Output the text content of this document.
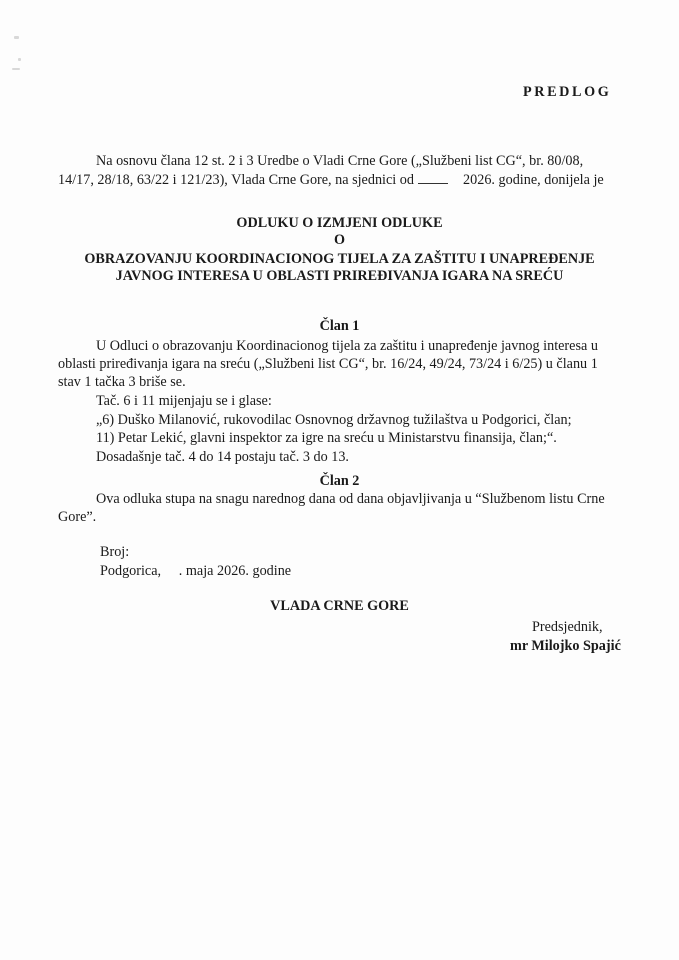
PREDLOG
Na osnovu člana 12 st. 2 i 3 Uredbe o Vladi Crne Gore („Službeni list CG“, br. 80/08,
14/17, 28/18, 63/22 i 121/23), Vlada Crne Gore, na sjednici od	2026. godine, donijela je
ODLUKU O IZMJENI ODLUKE
O
OBRAZOVANJU KOORDINACIONOG TIJELA ZA ZAŠTITU I UNAPREĐENJE
JAVNOG INTERESA U OBLASTI PRIREĐIVANJA IGARA NA SREĆU
Član 1
U Odluci o obrazovanju Koordinacionog tijela za zaštitu i unapređenje javnog interesa u
oblasti priređivanja igara na sreću („Službeni list CG“, br. 16/24, 49/24, 73/24 i 6/25) u članu 1
stav 1 tačka 3 briše se.
Tač. 6 i 11 mijenjaju se i glase:
„6) Duško Milanović, rukovodilac Osnovnog državnog tužilaštva u Podgorici, član;
11) Petar Lekić, glavni inspektor za igre na sreću u Ministarstvu finansija, član;“.
Dosadašnje tač. 4 do 14 postaju tač. 3 do 13.
Član 2
Ova odluka stupa na snagu narednog dana od dana objavljivanja u “Službenom listu Crne
Gore”.
Broj:
Podgorica,     . maja 2026. godine
VLADA CRNE GORE
Predsjednik,
mr Milojko Spajić
